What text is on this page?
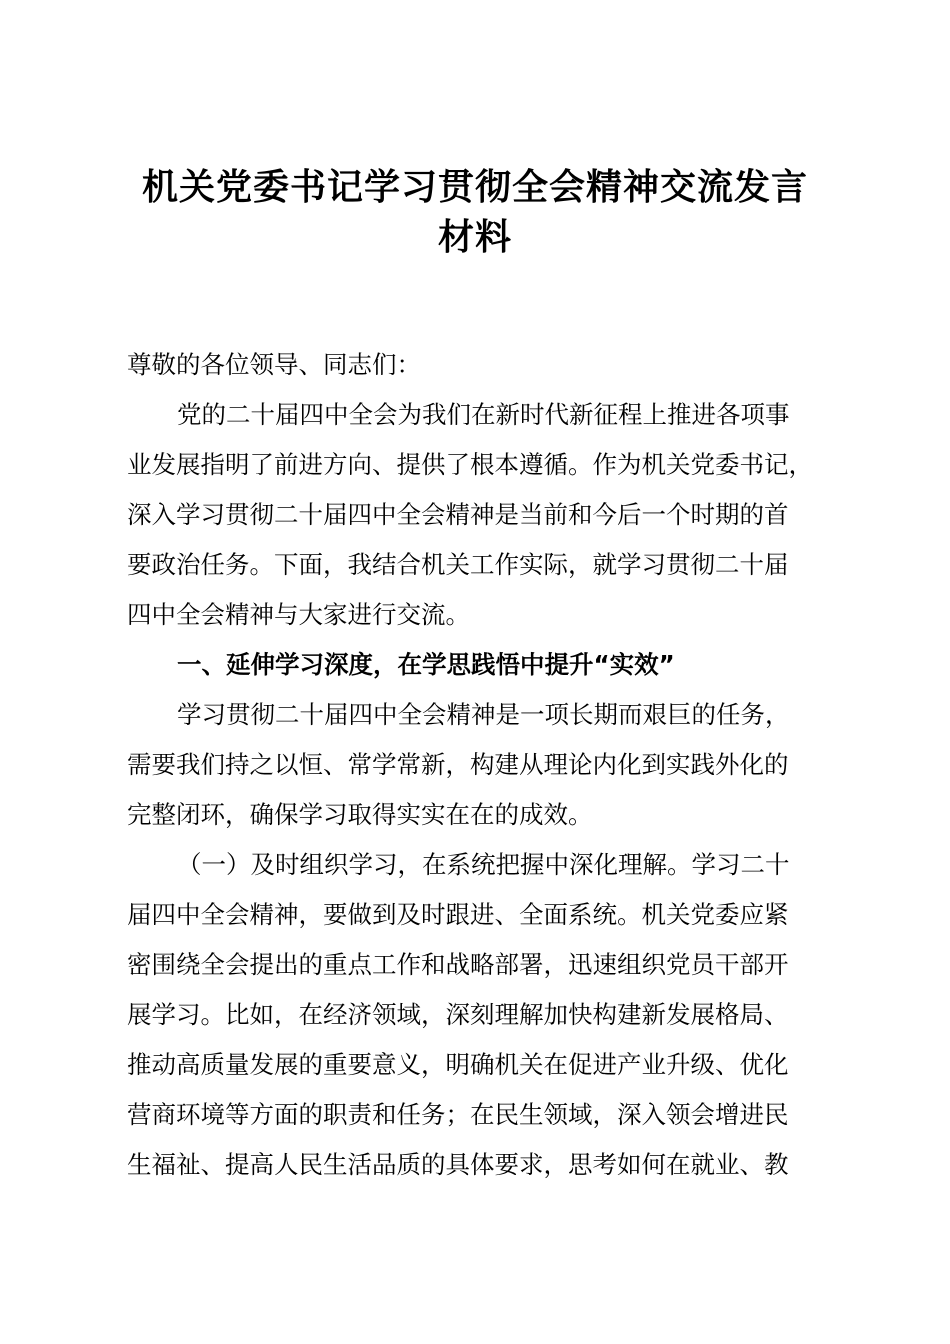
机关党委书记学习贯彻全会精神交流发言
材料
尊敬的各位领导、同志们：
党的二十届四中全会为我们在新时代新征程上推进各项事
业发展指明了前进方向、提供了根本遵循。作为机关党委书记，
深入学习贯彻二十届四中全会精神是当前和今后一个时期的首
要政治任务。下面，我结合机关工作实际，就学习贯彻二十届
四中全会精神与大家进行交流。
一、延伸学习深度，在学思践悟中提升“实效”
学习贯彻二十届四中全会精神是一项长期而艰巨的任务，
需要我们持之以恒、常学常新，构建从理论内化到实践外化的
完整闭环，确保学习取得实实在在的成效。
（一）及时组织学习，在系统把握中深化理解。学习二十
届四中全会精神，要做到及时跟进、全面系统。机关党委应紧
密围绕全会提出的重点工作和战略部署，迅速组织党员干部开
展学习。比如，在经济领域，深刻理解加快构建新发展格局、
推动高质量发展的重要意义，明确机关在促进产业升级、优化
营商环境等方面的职责和任务；在民生领域，深入领会增进民
生福祉、提高人民生活品质的具体要求，思考如何在就业、教
